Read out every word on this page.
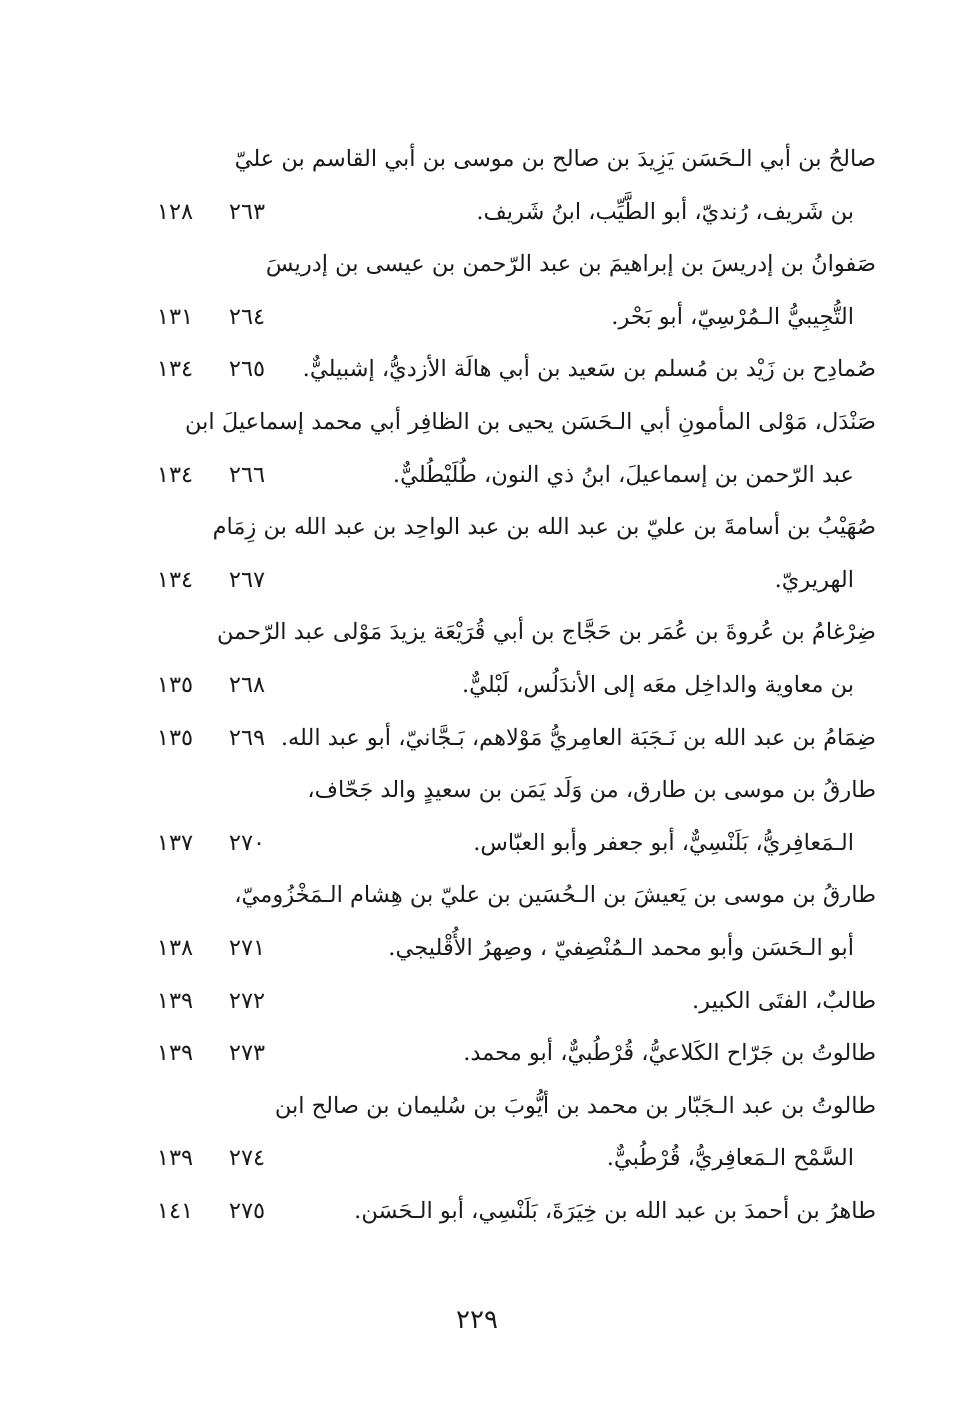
صالحُ بن أبي الـحَسَن يَزِيدَ بن صالح بن موسى بن أبي القاسم بن عليّ
بن شَريف، رُنديّ، أبو الطَّيِّب، ابنُ شَريف.
٢٦٣
١٢٨
صَفوانُ بن إدريسَ بن إبراهيمَ بن عبد الرّحمن بن عيسى بن إدريسَ
التُّجِيبيُّ الـمُرْسِيّ، أبو بَحْر.
٢٦٤
١٣١
صُمادِح بن زَيْد بن مُسلم بن سَعيد بن أبي هالَة الأزديُّ، إشبيليٌّ.
٢٦٥
١٣٤
صَنْدَل، مَوْلى المأمونِ أبي الـحَسَن يحيى بن الظافِر أبي محمد إسماعيلَ ابن
عبد الرّحمن بن إسماعيلَ، ابنُ ذي النون، طُلَيْطُليٌّ.
٢٦٦
١٣٤
صُهَيْبُ بن أسامةَ بن عليّ بن عبد الله بن عبد الواحِد بن عبد الله بن زِمَام
الهريريّ.
٢٦٧
١٣٤
ضِرْغامُ بن عُروةَ بن عُمَر بن حَجَّاج بن أبي قُرَيْعَة يزيدَ مَوْلى عبد الرّحمن
بن معاوية والداخِل معَه إلى الأندَلُس، لَبْليٌّ.
٢٦٨
١٣٥
ضِمَامُ بن عبد الله بن نَـجَبَة العامِريُّ مَوْلاهم، بَـجَّانيّ، أبو عبد الله.
٢٦٩
١٣٥
طارقُ بن موسى بن طارق، من وَلَد يَمَن بن سعيدٍ والد جَحّاف،
الـمَعافِريُّ، بَلَنْسِيٌّ، أبو جعفر وأبو العبّاس.
٢٧٠
١٣٧
طارقُ بن موسى بن يَعيشَ بن الـحُسَين بن عليّ بن هِشام الـمَخْزُوميّ،
أبو الـحَسَن وأبو محمد الـمُنْصِفيّ ، وصِهرُ الأُقْليجي.
٢٧١
١٣٨
طالبٌ، الفتَى الكبير.
٢٧٢
١٣٩
طالوتُ بن جَرّاح الكَلاعيُّ، قُرْطُبيٌّ، أبو محمد.
٢٧٣
١٣٩
طالوتُ بن عبد الـجَبّار بن محمد بن أيُّوبَ بن سُليمان بن صالح ابن
السَّمْح الـمَعافِريُّ، قُرْطُبيٌّ.
٢٧٤
١٣٩
طاهرُ بن أحمدَ بن عبد الله بن خِيَرَةَ، بَلَنْسِي، أبو الـحَسَن.
٢٧٥
١٤١
٢٢٩
